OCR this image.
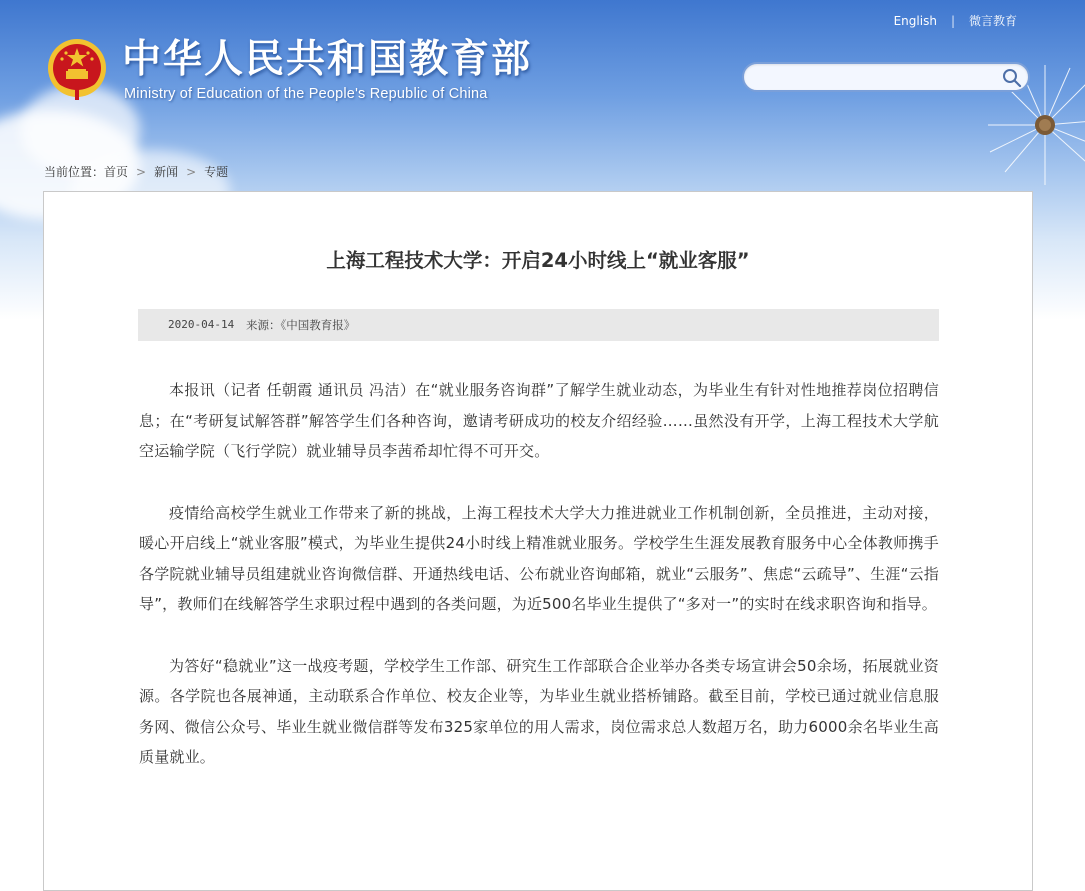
中华人民共和国教育部
Ministry of Education of the People's Republic of China
English | 微言教育
当前位置：首页 > 新闻 > 专题
上海工程技术大学：开启24小时线上“就业客服”
2020-04-14 来源：《中国教育报》

本报讯（记者 任朝霞 通讯员 冯洁）在“就业服务咨询群”了解学生就业动态，为毕业生有针对性地推荐岗位招聘信息；在“考研复试解答群”解答学生们各种咨询，邀请考研成功的校友介绍经验……虽然没有开学，上海工程技术大学航空运输学院（飞行学院）就业辅导员李茜希却忙得不可开交。

疫情给高校学生就业工作带来了新的挑战，上海工程技术大学大力推进就业工作机制创新，全员推进，主动对接，暖心开启线上“就业客服”模式，为毕业生提供24小时线上精准就业服务。学校学生生涯发展教育服务中心全体教师携手各学院就业辅导员组建就业咨询微信群、开通热线电话、公布就业咨询邮箱，就业“云服务”、焦虑“云疏导”、生涯“云指导”，教师们在线解答学生求职过程中遇到的各类问题，为近500名毕业生提供了“多对一”的实时在线求职咨询和指导。

为答好“稳就业”这一战疫考题，学校学生工作部、研究生工作部联合企业举办各类专场宣讲会50余场，拓展就业资源。各学院也各展神通，主动联系合作单位、校友企业等，为毕业生就业搭桥铺路。截至目前，学校已通过就业信息服务网、微信公众号、毕业生就业微信群等发布325家单位的用人需求，岗位需求总人数超万名，助力6000余名毕业生高质量就业。
